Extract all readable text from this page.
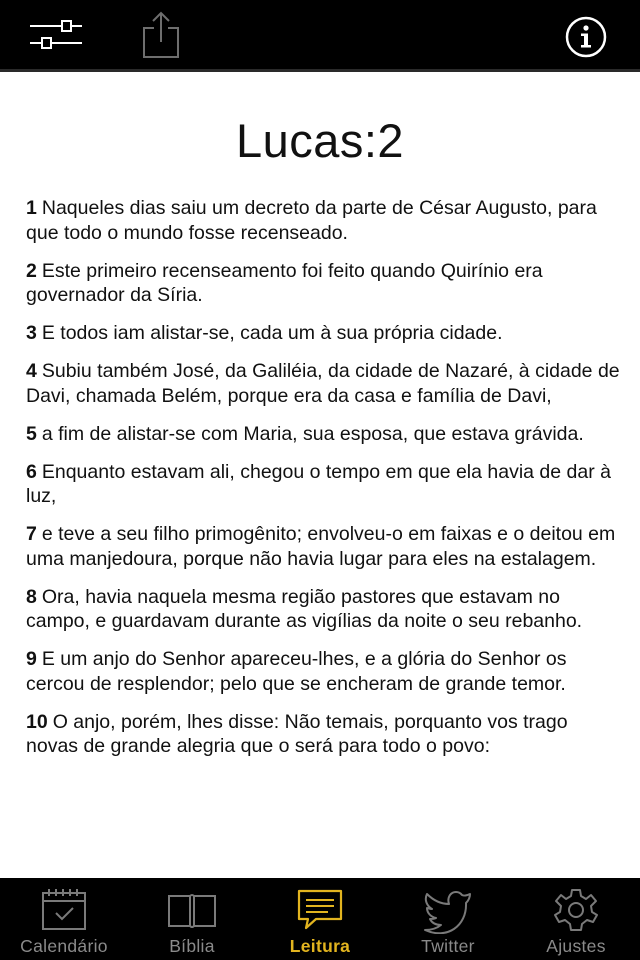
Lucas:2

1 Naqueles dias saiu um decreto da parte de César Augusto, para que todo o mundo fosse recenseado.

2 Este primeiro recenseamento foi feito quando Quirínio era governador da Síria.

3 E todos iam alistar-se, cada um à sua própria cidade.

4 Subiu também José, da Galiléia, da cidade de Nazaré, à cidade de Davi, chamada Belém, porque era da casa e família de Davi,

5 a fim de alistar-se com Maria, sua esposa, que estava grávida.

6 Enquanto estavam ali, chegou o tempo em que ela havia de dar à luz,

7 e teve a seu filho primogênito; envolveu-o em faixas e o deitou em uma manjedoura, porque não havia lugar para eles na estalagem.

8 Ora, havia naquela mesma região pastores que estavam no campo, e guardavam durante as vigílias da noite o seu rebanho.

9 E um anjo do Senhor apareceu-lhes, e a glória do Senhor os cercou de resplendor; pelo que se encheram de grande temor.

10 O anjo, porém, lhes disse: Não temais, porquanto vos trago novas de grande alegria que o será para todo o povo:

Calendário	Bíblia	Leitura	Twitter	Ajustes
